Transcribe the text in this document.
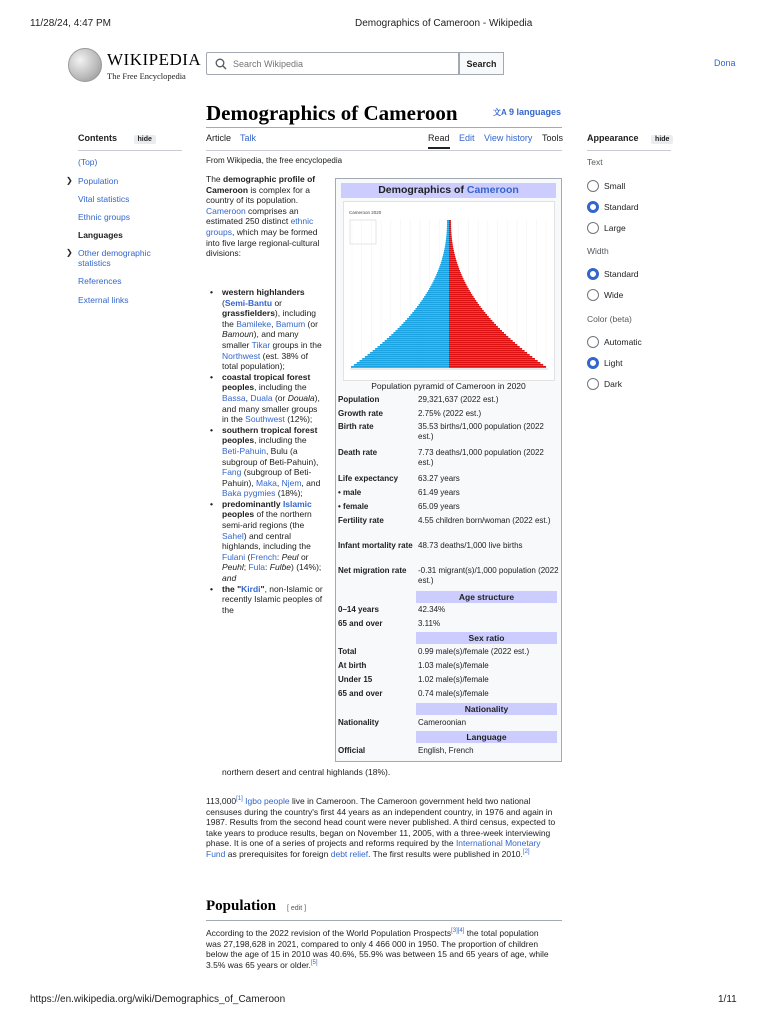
11/28/24, 4:47 PM	Demographics of Cameroon - Wikipedia
https://en.wikipedia.org/wiki/Demographics_of_Cameroon	1/11
WIKIPEDIA
The Free Encyclopedia
Search Wikipedia
Search	Dona
Demographics of Cameroon	文A 9 languages
Article Talk	Read Edit View history Tools
From Wikipedia, the free encyclopedia
Contents	hide
(Top)
❯ Population
Vital statistics
Ethnic groups
Languages
❯ Other demographic statistics
References
External links
Appearance hide
Text
Small
Standard
Large
Width
Standard
Wide
Color (beta)
Automatic
Light
Dark
The demographic profile of Cameroon is complex for a country of its population. Cameroon comprises an estimated 250 distinct ethnic groups, which may be formed into five large regional-cultural divisions:
• western highlanders (Semi-Bantu or grassfielders), including the Bamileke, Bamum (or Bamoun), and many smaller Tikar groups in the Northwest (est. 38% of total population);
• coastal tropical forest peoples, including the Bassa, Duala (or Douala), and many smaller groups in the Southwest (12%);
• southern tropical forest peoples, including the Beti-Pahuin, Bulu (a subgroup of Beti-Pahuin), Fang (subgroup of Beti-Pahuin), Maka, Njem, and Baka pygmies (18%);
• predominantly Islamic peoples of the northern semi-arid regions (the Sahel) and central highlands, including the Fulani (French: Peul or Peuhl; Fula: Fulɓe) (14%); and
• the "Kirdi", non-Islamic or recently Islamic peoples of the
northern desert and central highlands (18%).
113,000[1] Igbo people live in Cameroon. The Cameroon government held two national censuses during the country's first 44 years as an independent country, in 1976 and again in 1987. Results from the second head count were never published. A third census, expected to take years to produce results, began on November 11, 2005, with a three-week interviewing phase. It is one of a series of projects and reforms required by the International Monetary Fund as prerequisites for foreign debt relief. The first results were published in 2010.[2]
Population [ edit ]
According to the 2022 revision of the World Population Prospects[3][4] the total population was 27,198,628 in 2021, compared to only 4 466 000 in 1950. The proportion of children below the age of 15 in 2010 was 40.6%, 55.9% was between 15 and 65 years of age, while 3.5% was 65 years or older.[5]
Demographics of Cameroon
Cameroon 2020
Population pyramid of Cameroon in 2020
Population	29,321,637 (2022 est.)
Growth rate	2.75% (2022 est.)
Birth rate	35.53 births/1,000 population (2022 est.)
Death rate	7.73 deaths/1,000 population (2022 est.)
Life expectancy	63.27 years
• male	61.49 years
• female	65.09 years
Fertility rate	4.55 children born/woman (2022 est.)
Infant mortality rate 48.73 deaths/1,000 live births
Net migration rate	-0.31 migrant(s)/1,000 population (2022 est.)
Age structure
0–14 years	42.34%
65 and over	3.11%
Sex ratio
Total	0.99 male(s)/female (2022 est.)
At birth	1.03 male(s)/female
Under 15	1.02 male(s)/female
65 and over	0.74 male(s)/female
Nationality
Nationality	Cameroonian
Language
Official	English, French
